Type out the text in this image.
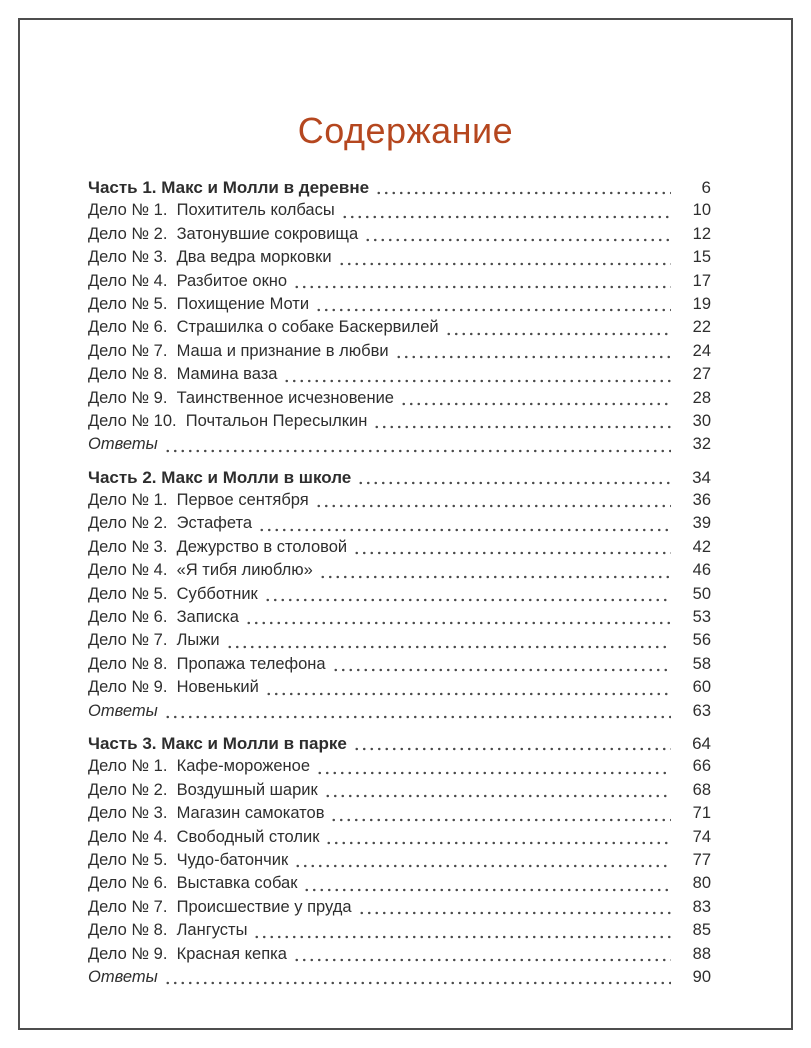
Содержание
Часть 1. Макс и Молли в деревне	6
Дело № 1.  Похититель колбасы	10
Дело № 2.  Затонувшие сокровища	12
Дело № 3.  Два ведра морковки	15
Дело № 4.  Разбитое окно	17
Дело № 5.  Похищение Моти	19
Дело № 6.  Страшилка о собаке Баскервилей	22
Дело № 7.  Маша и признание в любви	24
Дело № 8.  Мамина ваза	27
Дело № 9.  Таинственное исчезновение	28
Дело № 10.  Почтальон Пересылкин	30
Ответы	32
Часть 2. Макс и Молли в школе	34
Дело № 1.  Первое сентября	36
Дело № 2.  Эстафета	39
Дело № 3.  Дежурство в столовой	42
Дело № 4.  «Я тибя лиюблю»	46
Дело № 5.  Субботник	50
Дело № 6.  Записка	53
Дело № 7.  Лыжи	56
Дело № 8.  Пропажа телефона	58
Дело № 9.  Новенький	60
Ответы	63
Часть 3. Макс и Молли в парке	64
Дело № 1.  Кафе-мороженое	66
Дело № 2.  Воздушный шарик	68
Дело № 3.  Магазин самокатов	71
Дело № 4.  Свободный столик	74
Дело № 5.  Чудо-батончик	77
Дело № 6.  Выставка собак	80
Дело № 7.  Происшествие у пруда	83
Дело № 8.  Лангусты	85
Дело № 9.  Красная кепка	88
Ответы	90
